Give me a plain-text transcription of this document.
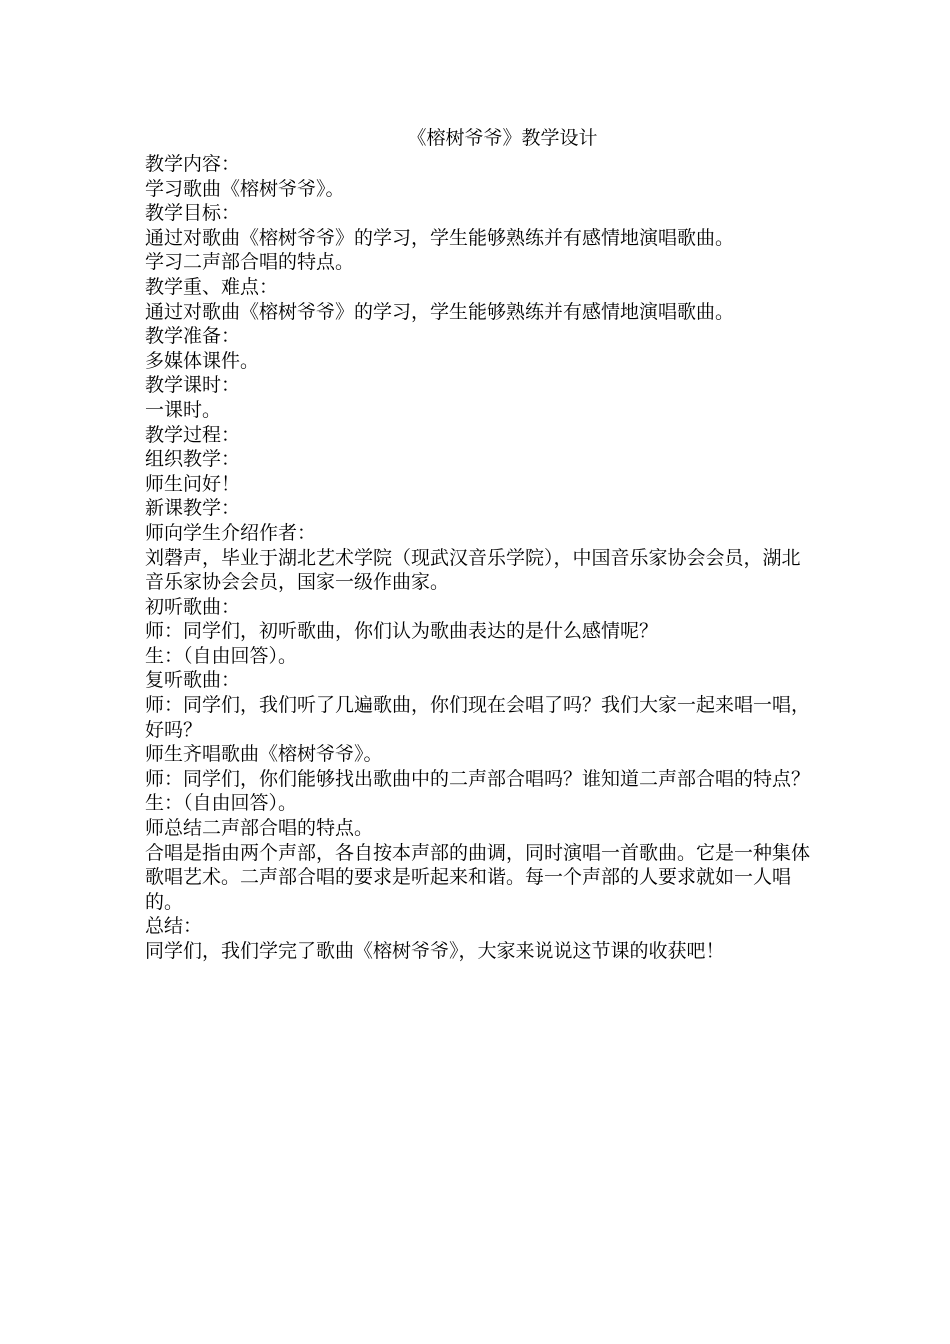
《榕树爷爷》教学设计

教学内容：

学习歌曲《榕树爷爷》。

教学目标：

通过对歌曲《榕树爷爷》的学习，学生能够熟练并有感情地演唱歌曲。

学习二声部合唱的特点。

教学重、难点：

通过对歌曲《榕树爷爷》的学习，学生能够熟练并有感情地演唱歌曲。

教学准备：

多媒体课件。

教学课时：

一课时。

教学过程：

组织教学：

师生问好！

新课教学：

师向学生介绍作者：

刘磬声，毕业于湖北艺术学院（现武汉音乐学院），中国音乐家协会会员，湖北音乐家协会会员，国家一级作曲家。

初听歌曲：

师：同学们，初听歌曲，你们认为歌曲表达的是什么感情呢？

生：（自由回答）。

复听歌曲：

师：同学们，我们听了几遍歌曲，你们现在会唱了吗？我们大家一起来唱一唱，好吗？

师生齐唱歌曲《榕树爷爷》。

师：同学们，你们能够找出歌曲中的二声部合唱吗？谁知道二声部合唱的特点？

生：（自由回答）。

师总结二声部合唱的特点。

合唱是指由两个声部，各自按本声部的曲调，同时演唱一首歌曲。它是一种集体歌唱艺术。二声部合唱的要求是听起来和谐。每一个声部的人要求就如一人唱的。

总结：

同学们，我们学完了歌曲《榕树爷爷》，大家来说说这节课的收获吧！
